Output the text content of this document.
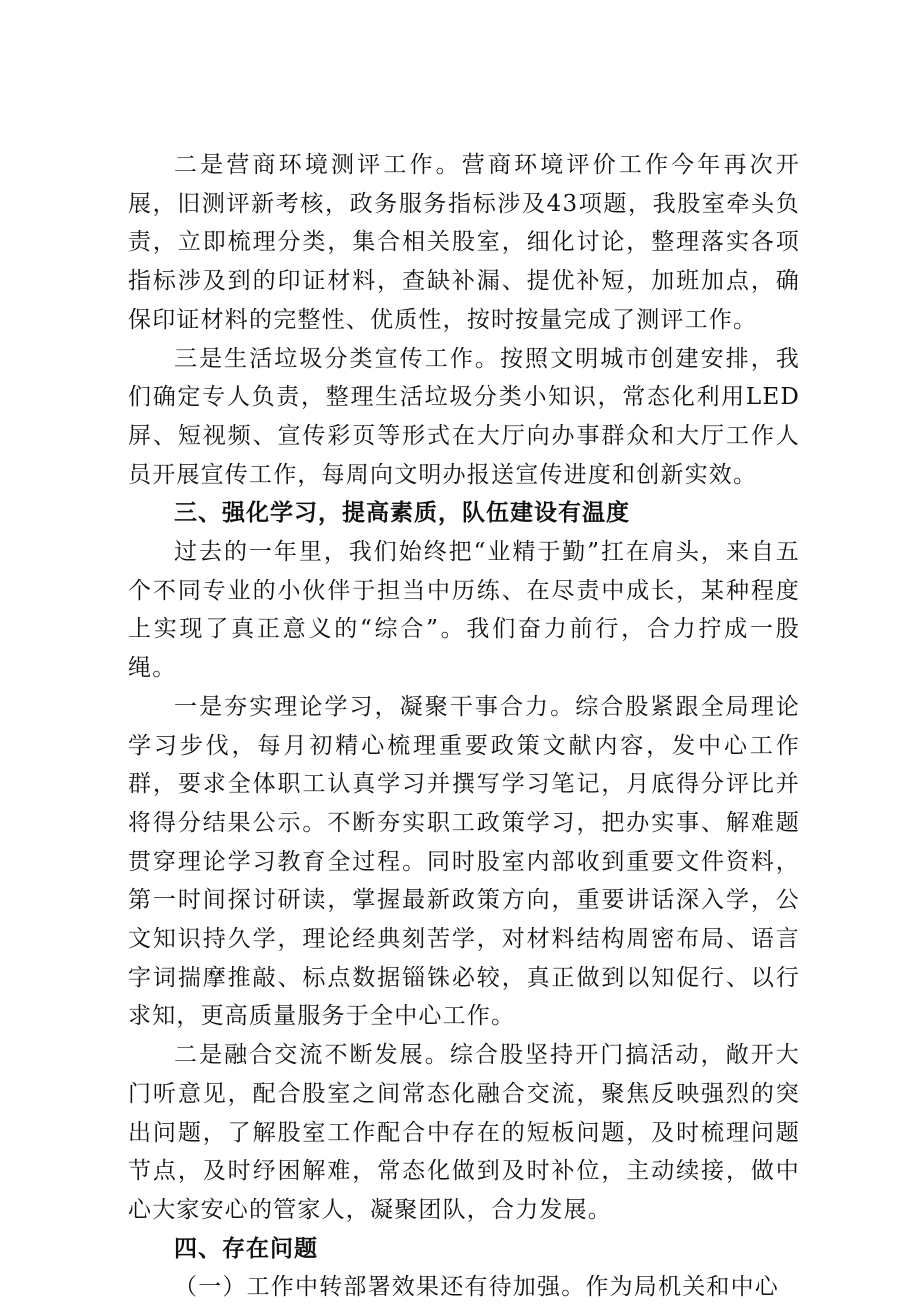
二是营商环境测评工作。营商环境评价工作今年再次开展，旧测评新考核，政务服务指标涉及43项题，我股室牵头负责，立即梳理分类，集合相关股室，细化讨论，整理落实各项指标涉及到的印证材料，查缺补漏、提优补短，加班加点，确保印证材料的完整性、优质性，按时按量完成了测评工作。

三是生活垃圾分类宣传工作。按照文明城市创建安排，我们确定专人负责，整理生活垃圾分类小知识，常态化利用LED屏、短视频、宣传彩页等形式在大厅向办事群众和大厅工作人员开展宣传工作，每周向文明办报送宣传进度和创新实效。

三、强化学习，提高素质，队伍建设有温度

过去的一年里，我们始终把“业精于勤”扛在肩头，来自五个不同专业的小伙伴于担当中历练、在尽责中成长，某种程度上实现了真正意义的“综合”。我们奋力前行，合力拧成一股绳。

一是夯实理论学习，凝聚干事合力。综合股紧跟全局理论学习步伐，每月初精心梳理重要政策文献内容，发中心工作群，要求全体职工认真学习并撰写学习笔记，月底得分评比并将得分结果公示。不断夯实职工政策学习，把办实事、解难题贯穿理论学习教育全过程。同时股室内部收到重要文件资料，第一时间探讨研读，掌握最新政策方向，重要讲话深入学，公文知识持久学，理论经典刻苦学，对材料结构周密布局、语言字词揣摩推敲、标点数据锱铢必较，真正做到以知促行、以行求知，更高质量服务于全中心工作。

二是融合交流不断发展。综合股坚持开门搞活动，敞开大门听意见，配合股室之间常态化融合交流，聚焦反映强烈的突出问题，了解股室工作配合中存在的短板问题，及时梳理问题节点，及时纾困解难，常态化做到及时补位，主动续接，做中心大家安心的管家人，凝聚团队，合力发展。

四、存在问题

（一）工作中转部署效果还有待加强。作为局机关和中心
